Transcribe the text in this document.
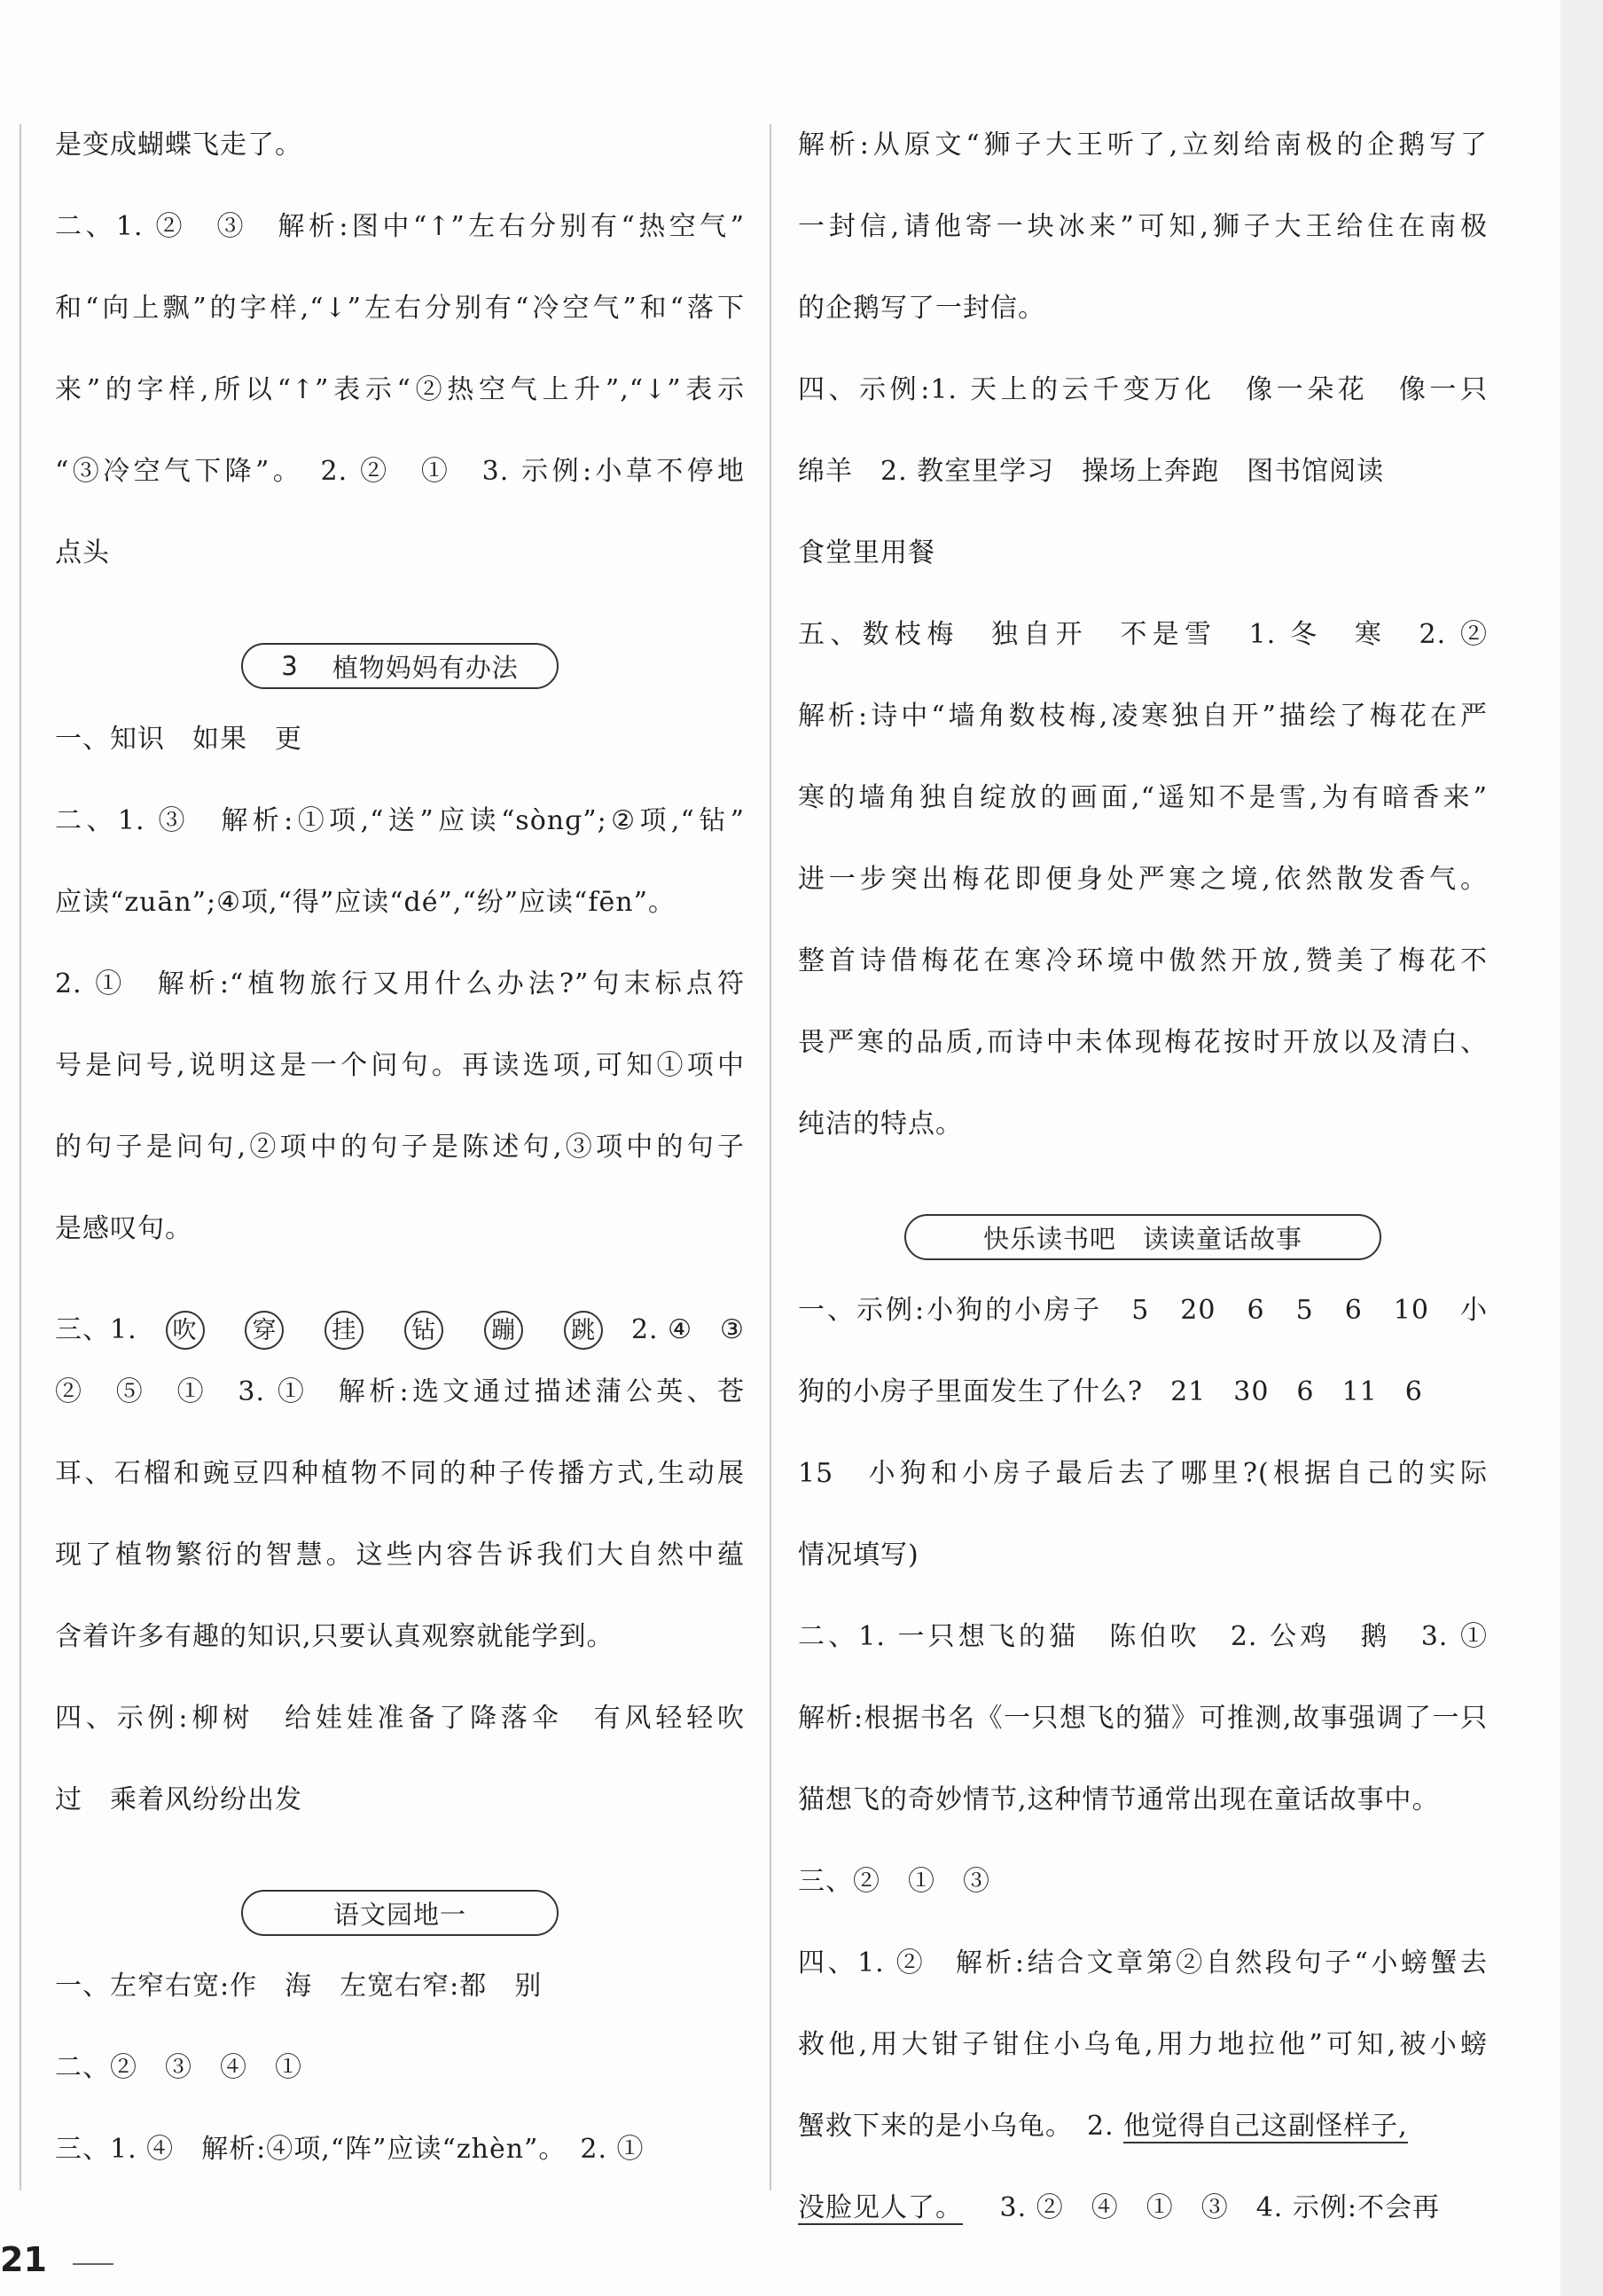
是变成蝴蝶飞走了。
二、1. ②　③　解析:图中“↑”左右分别有“热空气”
和“向上飘”的字样,“↓”左右分别有“冷空气”和“落下
来”的字样,所以“↑”表示“②热空气上升”,“↓”表示
“③冷空气下降”。　2. ②　①　3. 示例:小草不停地
点头
3 植物妈妈有办法
一、知识　如果　更
二、1. ③　解析:①项,“送”应读“sònɡ”;②项,“钻”
应读“zuān”;④项,“得”应读“dé”,“纷”应读“fēn”。
2. ①　解析:“植物旅行又用什么办法?”句末标点符
号是问号,说明这是一个问句。再读选项,可知①项中
的句子是问句,②项中的句子是陈述句,③项中的句子
是感叹句。
三、1. 吹 穿 挂 钻 蹦 跳 2. ④　③
②　⑤　①　3. ①　解析:选文通过描述蒲公英、苍
耳、石榴和豌豆四种植物不同的种子传播方式,生动展
现了植物繁衍的智慧。这些内容告诉我们大自然中蕴
含着许多有趣的知识,只要认真观察就能学到。
四、示例:柳树　给娃娃准备了降落伞　有风轻轻吹
过　乘着风纷纷出发
语文园地一
一、左窄右宽:作　海　左宽右窄:都　别
二、②　③　④　①
三、1. ④　解析:④项,“阵”应读“zhèn”。　2. ①
解析:从原文“狮子大王听了,立刻给南极的企鹅写了
一封信,请他寄一块冰来”可知,狮子大王给住在南极
的企鹅写了一封信。
四、示例:1. 天上的云千变万化　像一朵花　像一只
绵羊　2. 教室里学习　操场上奔跑　图书馆阅读
食堂里用餐
五、数枝梅　独自开　不是雪　1. 冬　寒　2. ②
解析:诗中“墙角数枝梅,凌寒独自开”描绘了梅花在严
寒的墙角独自绽放的画面,“遥知不是雪,为有暗香来”
进一步突出梅花即便身处严寒之境,依然散发香气。
整首诗借梅花在寒冷环境中傲然开放,赞美了梅花不
畏严寒的品质,而诗中未体现梅花按时开放以及清白、
纯洁的特点。
快乐读书吧　读读童话故事
一、示例:小狗的小房子　5　20　6　5　6　10　小
狗的小房子里面发生了什么?　21　30　6　11　6
15　小狗和小房子最后去了哪里?(根据自己的实际
情况填写)
二、1. 一只想飞的猫　陈伯吹　2. 公鸡　鹅　3. ①
解析:根据书名《一只想飞的猫》可推测,故事强调了一只
猫想飞的奇妙情节,这种情节通常出现在童话故事中。
三、②　①　③
四、1. ②　解析:结合文章第②自然段句子“小螃蟹去
救他,用大钳子钳住小乌龟,用力地拉他”可知,被小螃
蟹救下来的是小乌龟。　2. 他觉得自己这副怪样子,
没脸见人了。 　3. ②　④　①　③　4. 示例:不会再
21
